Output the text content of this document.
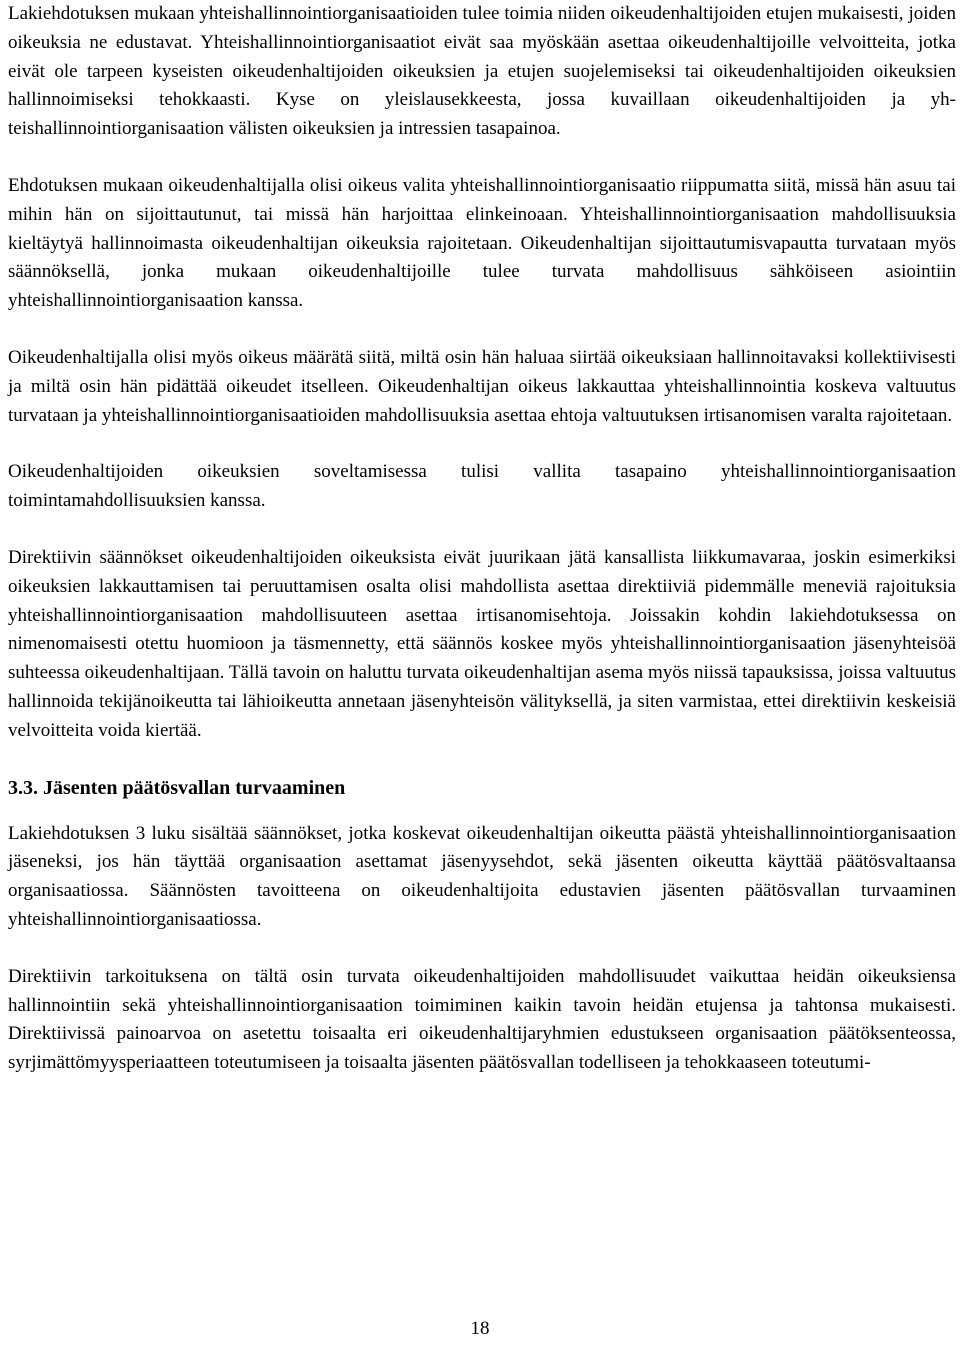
Lakiehdotuksen mukaan yhteishallinnointiorganisaatioiden tulee toimia niiden oikeudenhaltijoiden etujen mukaisesti, joiden oikeuksia ne edustavat. Yhteishallinnointiorganisaatiot eivät saa myöskään asettaa oikeudenhaltijoille velvoitteita, jotka eivät ole tarpeen kyseisten oikeudenhaltijoiden oikeuksien ja etujen suojelemiseksi tai oikeudenhaltijoiden oikeuksien hallinnoimiseksi tehokkaasti. Kyse on yleislausekkeesta, jossa kuvaillaan oikeudenhaltijoiden ja yhteishallinnointiorganisaation välisten oikeuksien ja intressien tasapainoa.

Ehdotuksen mukaan oikeudenhaltijalla olisi oikeus valita yhteishallinnointiorganisaatio riippumatta siitä, missä hän asuu tai mihin hän on sijoittautunut, tai missä hän harjoittaa elinkeinoaan. Yhteishallinnointiorganisaation mahdollisuuksia kieltäytyä hallinnoimasta oikeudenhaltijan oikeuksia rajoitetaan. Oikeudenhaltijan sijoittautumisvapautta turvataan myös säännöksellä, jonka mukaan oikeudenhaltijoille tulee turvata mahdollisuus sähköiseen asiointiin yhteishallinnointiorganisaation kanssa.

Oikeudenhaltijalla olisi myös oikeus määrätä siitä, miltä osin hän haluaa siirtää oikeuksiaan hallinnoitavaksi kollektiivisesti ja miltä osin hän pidättää oikeudet itselleen. Oikeudenhaltijan oikeus lakkauttaa yhteishallinnointia koskeva valtuutus turvataan ja yhteishallinnointiorganisaatioiden mahdollisuuksia asettaa ehtoja valtuutuksen irtisanomisen varalta rajoitetaan.

Oikeudenhaltijoiden oikeuksien soveltamisessa tulisi vallita tasapaino yhteishallinnointiorganisaation toimintamahdollisuuksien kanssa.

Direktiivin säännökset oikeudenhaltijoiden oikeuksista eivät juurikaan jätä kansallista liikkumavaraa, joskin esimerkiksi oikeuksien lakkauttamisen tai peruuttamisen osalta olisi mahdollista asettaa direktiiviä pidemmälle meneviä rajoituksia yhteishallinnointiorganisaation mahdollisuuteen asettaa irtisanomisehtoja. Joissakin kohdin lakiehdotuksessa on nimenomaisesti otettu huomioon ja täsmennetty, että säännös koskee myös yhteishallinnointiorganisaation jäsenyhteisöä suhteessa oikeudenhaltijaan. Tällä tavoin on haluttu turvata oikeudenhaltijan asema myös niissä tapauksissa, joissa valtuutus hallinnoida tekijänoikeutta tai lähioikeutta annetaan jäsenyhteisön välityksellä, ja siten varmistaa, ettei direktiivin keskeisiä velvoitteita voida kiertää.

3.3. Jäsenten päätösvallan turvaaminen

Lakiehdotuksen 3 luku sisältää säännökset, jotka koskevat oikeudenhaltijan oikeutta päästä yhteishallinnointiorganisaation jäseneksi, jos hän täyttää organisaation asettamat jäsenyysehdot, sekä jäsenten oikeutta käyttää päätösvaltaansa organisaatiossa. Säännösten tavoitteena on oikeudenhaltijoita edustavien jäsenten päätösvallan turvaaminen yhteishallinnointiorganisaatiossa.

Direktiivin tarkoituksena on tältä osin turvata oikeudenhaltijoiden mahdollisuudet vaikuttaa heidän oikeuksiensa hallinnointiin sekä yhteishallinnointiorganisaation toimiminen kaikin tavoin heidän etujensa ja tahtonsa mukaisesti. Direktiivissä painoarvoa on asetettu toisaalta eri oikeudenhaltijaryhmien edustukseen organisaation päätöksenteossa, syrjimättömyysperiaatteen toteutumiseen ja toisaalta jäsenten päätösvallan todelliseen ja tehokkaaseen toteutumi-

18
